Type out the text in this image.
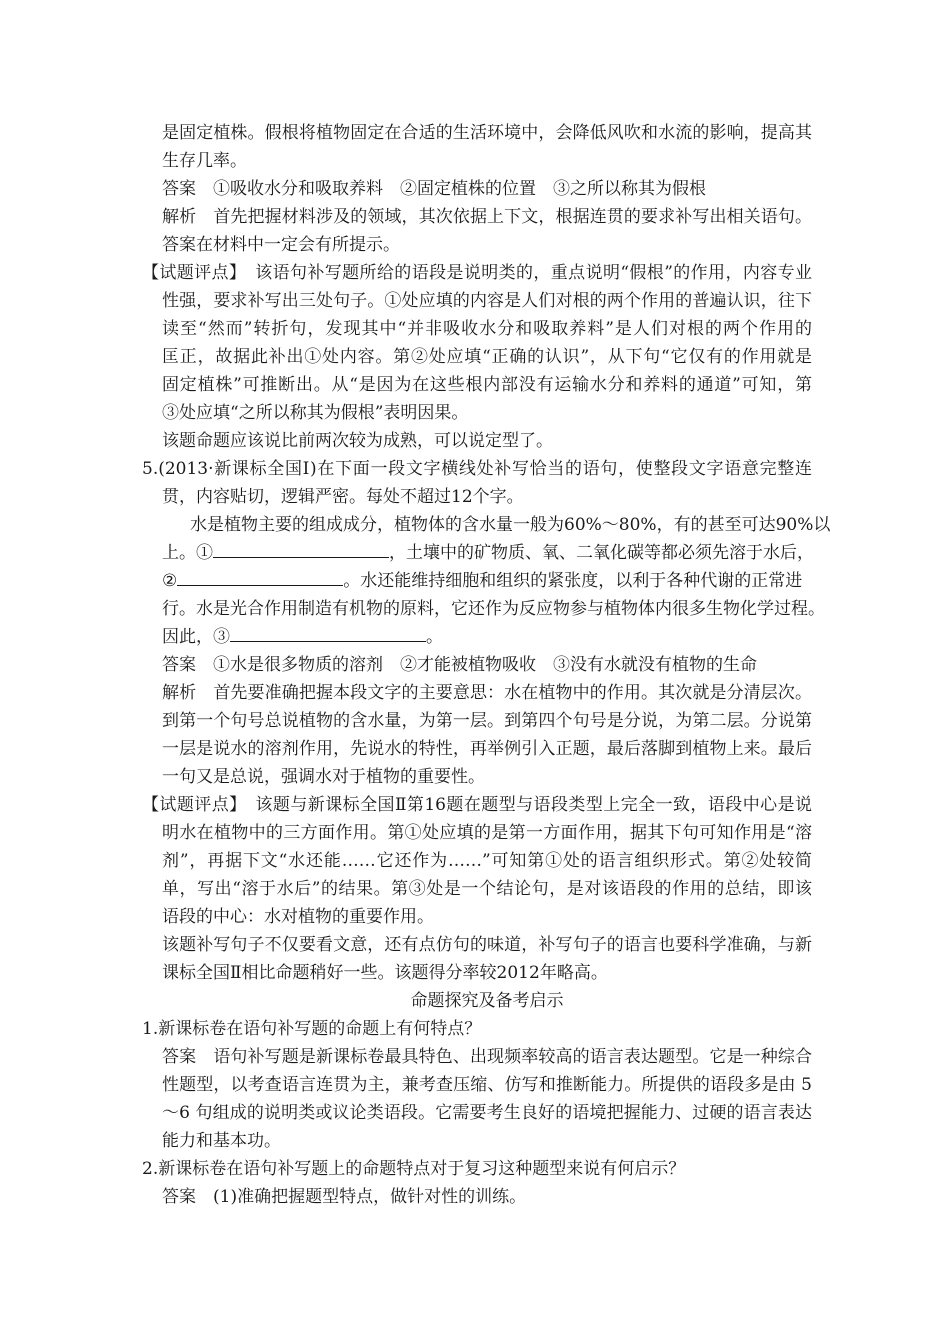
是固定植株。假根将植物固定在合适的生活环境中，会降低风吹和水流的影响，提高其
生存几率。
答案　①吸收水分和吸取养料　②固定植株的位置　③之所以称其为假根
解析　首先把握材料涉及的领域，其次依据上下文，根据连贯的要求补写出相关语句。
答案在材料中一定会有所提示。
【试题评点】　该语句补写题所给的语段是说明类的，重点说明“假根”的作用，内容专业
性强，要求补写出三处句子。①处应填的内容是人们对根的两个作用的普遍认识，往下
读至“然而”转折句，发现其中“并非吸收水分和吸取养料”是人们对根的两个作用的
匡正，故据此补出①处内容。第②处应填“正确的认识”，从下句“它仅有的作用就是
固定植株”可推断出。从“是因为在这些根内部没有运输水分和养料的通道”可知，第
③处应填“之所以称其为假根”表明因果。
该题命题应该说比前两次较为成熟，可以说定型了。
5.(2013·新课标全国Ⅰ)在下面一段文字横线处补写恰当的语句，使整段文字语意完整连
贯，内容贴切，逻辑严密。每处不超过12个字。
水是植物主要的组成成分，植物体的含水量一般为60%～80%，有的甚至可达90%以
上。①	，土壤中的矿物质、氧、二氧化碳等都必须先溶于水后，
②	。水还能维持细胞和组织的紧张度，以利于各种代谢的正常进
行。水是光合作用制造有机物的原料，它还作为反应物参与植物体内很多生物化学过程。
因此，③	。
答案　①水是很多物质的溶剂　②才能被植物吸收　③没有水就没有植物的生命
解析　首先要准确把握本段文字的主要意思：水在植物中的作用。其次就是分清层次。
到第一个句号总说植物的含水量，为第一层。到第四个句号是分说，为第二层。分说第
一层是说水的溶剂作用，先说水的特性，再举例引入正题，最后落脚到植物上来。最后
一句又是总说，强调水对于植物的重要性。
【试题评点】　该题与新课标全国Ⅱ第16题在题型与语段类型上完全一致，语段中心是说
明水在植物中的三方面作用。第①处应填的是第一方面作用，据其下句可知作用是“溶
剂”，再据下文“水还能……它还作为……”可知第①处的语言组织形式。第②处较简
单，写出“溶于水后”的结果。第③处是一个结论句，是对该语段的作用的总结，即该
语段的中心：水对植物的重要作用。
该题补写句子不仅要看文意，还有点仿句的味道，补写句子的语言也要科学准确，与新
课标全国Ⅱ相比命题稍好一些。该题得分率较2012年略高。
命题探究及备考启示
1.新课标卷在语句补写题的命题上有何特点？
答案　语句补写题是新课标卷最具特色、出现频率较高的语言表达题型。它是一种综合
性题型，以考查语言连贯为主，兼考查压缩、仿写和推断能力。所提供的语段多是由 5
～6 句组成的说明类或议论类语段。它需要考生良好的语境把握能力、过硬的语言表达
能力和基本功。
2.新课标卷在语句补写题上的命题特点对于复习这种题型来说有何启示？
答案　(1)准确把握题型特点，做针对性的训练。
